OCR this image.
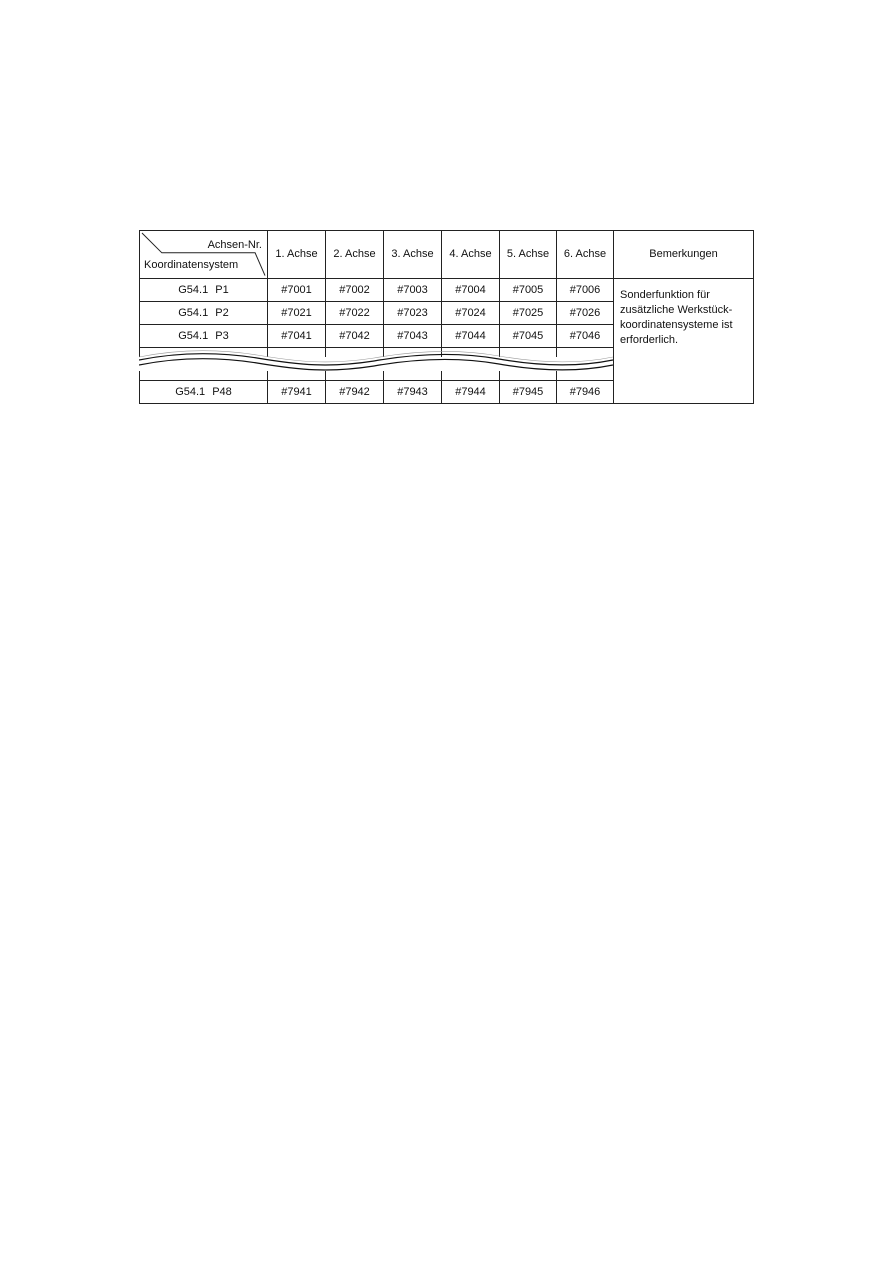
Achsen-Nr.
Koordinatensystem	1. Achse	2. Achse	3. Achse	4. Achse	5. Achse	6. Achse	Bemerkungen
G54.1 P1	#7001	#7002	#7003	#7004	#7005	#7006	Sonderfunktion für zusätzliche Werkstück-koordinatensysteme ist erforderlich.
G54.1 P2	#7021	#7022	#7023	#7024	#7025	#7026	
G54.1 P3	#7041	#7042	#7043	#7044	#7045	#7046	

G54.1 P48	#7941	#7942	#7943	#7944	#7945	#7946	
